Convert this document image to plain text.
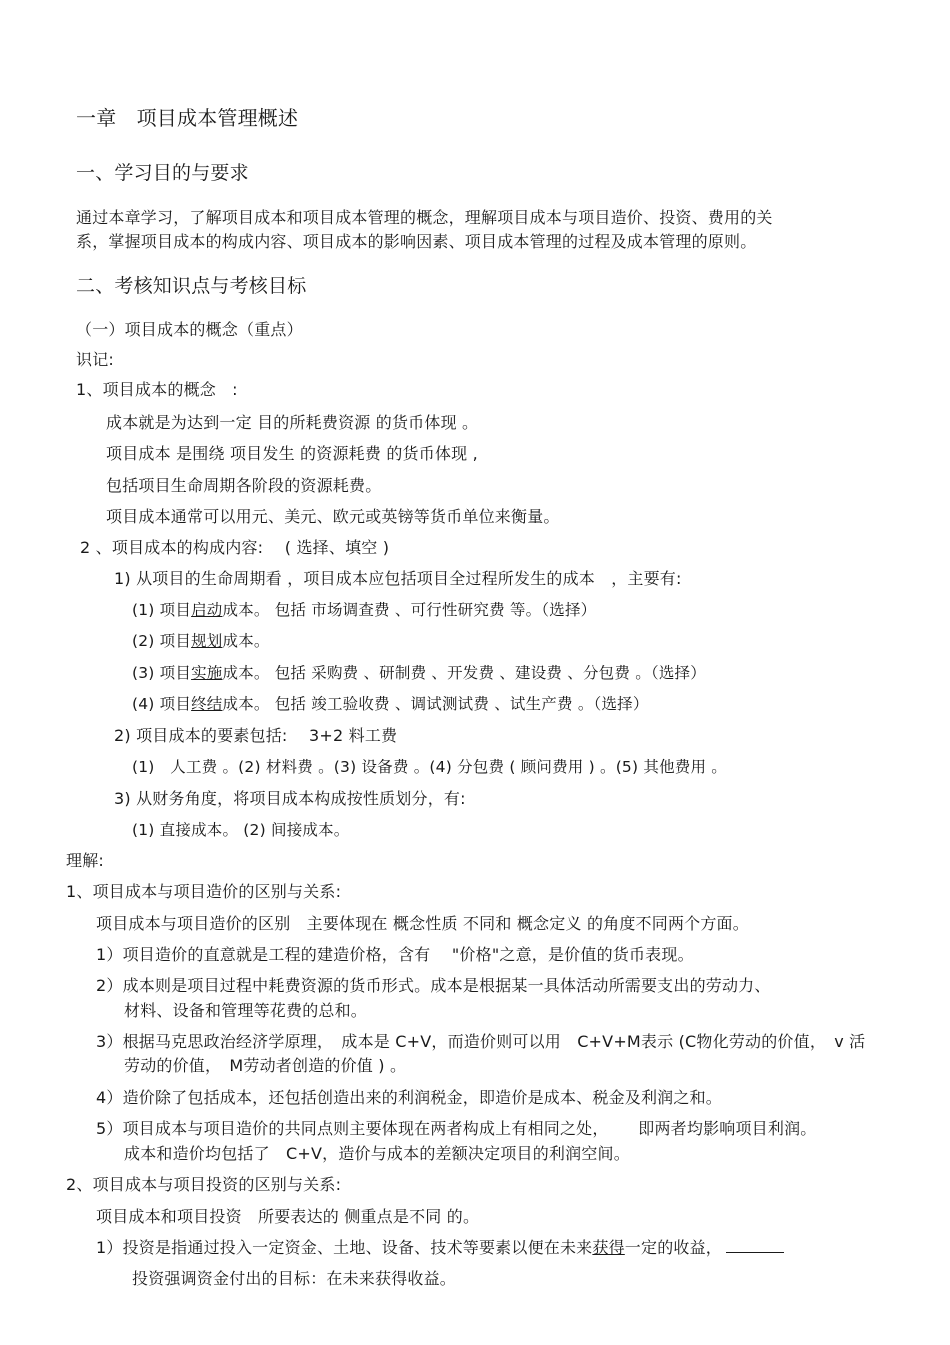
一章　项目成本管理概述
一、学习目的与要求
通过本章学习，了解项目成本和项目成本管理的概念，理解项目成本与项目造价、投资、费用的关
系，掌握项目成本的构成内容、项目成本的影响因素、项目成本管理的过程及成本管理的原则。
二、考核知识点与考核目标
（一）项目成本的概念（重点）
识记:
1、项目成本的概念　:
成本就是为达到一定 目的所耗费资源 的货币体现 。
项目成本 是围绕 项目发生 的资源耗费 的货币体现 ,
包括项目生命周期各阶段的资源耗费。
项目成本通常可以用元、美元、欧元或英镑等货币单位来衡量。
2 、项目成本的构成内容:　 ( 选择、填空 )
1) 从项目的生命周期看 ，项目成本应包括项目全过程所发生的成本　，主要有:
(1) 项目启动成本。 包括 市场调查费 、可行性研究费 等。（选择）
(2) 项目规划成本。
(3) 项目实施成本。 包括 采购费 、研制费 、开发费 、建设费 、分包费 。（选择）
(4) 项目终结成本。 包括 竣工验收费 、调试测试费 、试生产费 。（选择）
2) 项目成本的要素包括:　 3+2 料工费
(1)　人工费 。(2) 材料费 。(3) 设备费 。(4) 分包费 ( 顾问费用 ) 。(5) 其他费用 。
3) 从财务角度，将项目成本构成按性质划分，有:
(1) 直接成本。 (2) 间接成本。
理解:
1、项目成本与项目造价的区别与关系:
项目成本与项目造价的区别　主要体现在 概念性质 不同和 概念定义 的角度不同两个方面。
1）项目造价的直意就是工程的建造价格，含有　 "价格"之意，是价值的货币表现。
2）成本则是项目过程中耗费资源的货币形式。成本是根据某一具体活动所需要支出的劳动力、
材料、设备和管理等花费的总和。
3）根据马克思政治经济学原理，　成本是 C+V，而造价则可以用　C+V+M表示 (C物化劳动的价值，　v 活
劳动的价值，　M劳动者创造的价值 ) 。
4）造价除了包括成本，还包括创造出来的利润税金，即造价是成本、税金及利润之和。
5）项目成本与项目造价的共同点则主要体现在两者构成上有相同之处，　　 即两者均影响项目利润。
成本和造价均包括了　C+V，造价与成本的差额决定项目的利润空间。
2、项目成本与项目投资的区别与关系:
项目成本和项目投资　所要表达的 侧重点是不同 的。
1）投资是指通过投入一定资金、土地、设备、技术等要素以便在未来获得一定的收益，
投资强调资金付出的目标：在未来获得收益。
